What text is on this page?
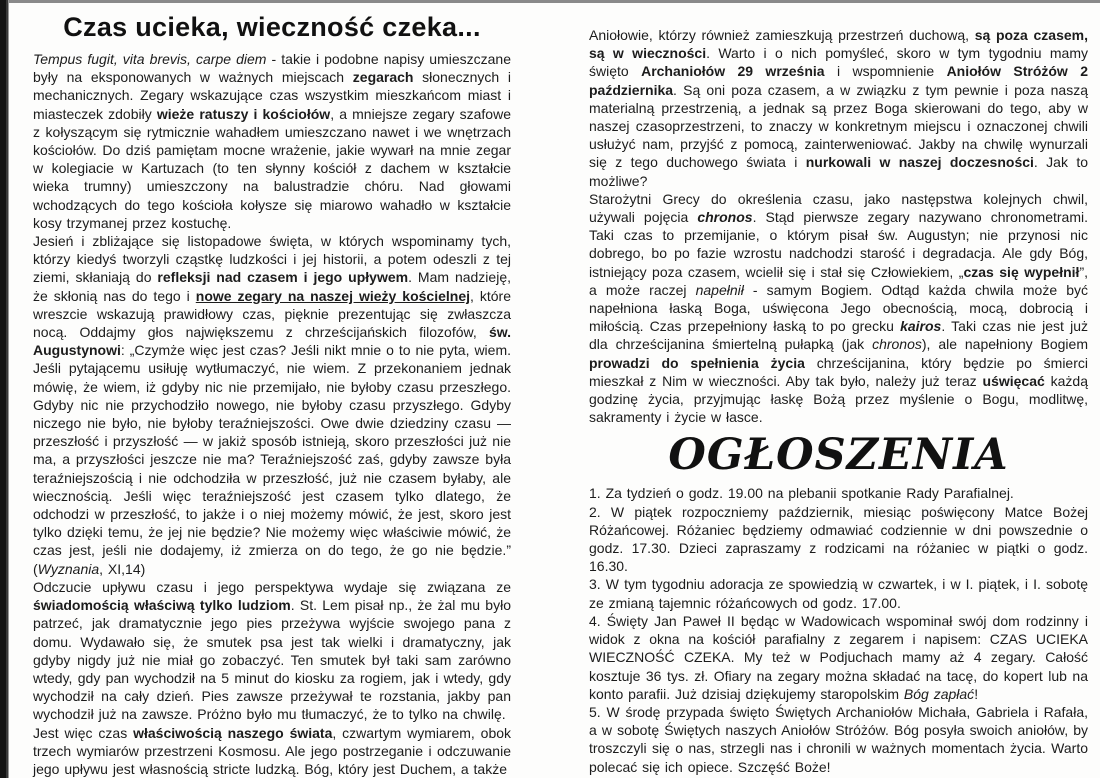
Czas ucieka, wieczność czeka...

Tempus fugit, vita brevis, carpe diem - takie i podobne napisy umieszczane były na eksponowanych w ważnych miejscach zegarach słonecznych i mechanicznych. Zegary wskazujące czas wszystkim mieszkańcom miast i miasteczek zdobiły wieże ratuszy i kościołów, a mniejsze zegary szafowe z kołyszącym się rytmicznie wahadłem umieszczano nawet i we wnętrzach kościołów. Do dziś pamiętam mocne wrażenie, jakie wywarł na mnie zegar w kolegiacie w Kartuzach (to ten słynny kościół z dachem w kształcie wieka trumny) umieszczony na balustradzie chóru. Nad głowami wchodzących do tego kościoła kołysze się miarowo wahadło w kształcie kosy trzymanej przez kostuchę.

Jesień i zbliżające się listopadowe święta, w których wspominamy tych, którzy kiedyś tworzyli cząstkę ludzkości i jej historii, a potem odeszli z tej ziemi, skłaniają do refleksji nad czasem i jego upływem. Mam nadzieję, że skłonią nas do tego i nowe zegary na naszej wieży kościelnej, które wreszcie wskazują prawidłowy czas, pięknie prezentując się zwłaszcza nocą. Oddajmy głos największemu z chrześcijańskich filozofów, św. Augustynowi: „Czymże więc jest czas? Jeśli nikt mnie o to nie pyta, wiem. Jeśli pytającemu usiłuję wytłumaczyć, nie wiem. Z przekonaniem jednak mówię, że wiem, iż gdyby nic nie przemijało, nie byłoby czasu przeszłego. Gdyby nic nie przychodziło nowego, nie byłoby czasu przyszłego. Gdyby niczego nie było, nie byłoby teraźniejszości. Owe dwie dziedziny czasu — przeszłość i przyszłość — w jakiż sposób istnieją, skoro przeszłości już nie ma, a przyszłości jeszcze nie ma? Teraźniejszość zaś, gdyby zawsze była teraźniejszością i nie odchodziła w przeszłość, już nie czasem byłaby, ale wiecznością. Jeśli więc teraźniejszość jest czasem tylko dlatego, że odchodzi w przeszłość, to jakże i o niej możemy mówić, że jest, skoro jest tylko dzięki temu, że jej nie będzie? Nie możemy więc właściwie mówić, że czas jest, jeśli nie dodajemy, iż zmierza on do tego, że go nie będzie.” (Wyznania, XI,14)

Odczucie upływu czasu i jego perspektywa wydaje się związana ze świadomością właściwą tylko ludziom. St. Lem pisał np., że żal mu było patrzeć, jak dramatycznie jego pies przeżywa wyjście swojego pana z domu. Wydawało się, że smutek psa jest tak wielki i dramatyczny, jak gdyby nigdy już nie miał go zobaczyć. Ten smutek był taki sam zarówno wtedy, gdy pan wychodził na 5 minut do kiosku za rogiem, jak i wtedy, gdy wychodził na cały dzień. Pies zawsze przeżywał te rozstania, jakby pan wychodził już na zawsze. Próżno było mu tłumaczyć, że to tylko na chwilę.

Jest więc czas właściwością naszego świata, czwartym wymiarem, obok trzech wymiarów przestrzeni Kosmosu. Ale jego postrzeganie i odczuwanie jego upływu jest własnością stricte ludzką. Bóg, który jest Duchem, a także

Aniołowie, którzy również zamieszkują przestrzeń duchową, są poza czasem, są w wieczności. Warto i o nich pomyśleć, skoro w tym tygodniu mamy święto Archaniołów 29 września i wspomnienie Aniołów Stróżów 2 października. Są oni poza czasem, a w związku z tym pewnie i poza naszą materialną przestrzenią, a jednak są przez Boga skierowani do tego, aby w naszej czasoprzestrzeni, to znaczy w konkretnym miejscu i oznaczonej chwili usłużyć nam, przyjść z pomocą, zainterweniować. Jakby na chwilę wynurzali się z tego duchowego świata i nurkowali w naszej doczesności. Jak to możliwe?

Starożytni Grecy do określenia czasu, jako następstwa kolejnych chwil, używali pojęcia chronos. Stąd pierwsze zegary nazywano chronometrami. Taki czas to przemijanie, o którym pisał św. Augustyn; nie przynosi nic dobrego, bo po fazie wzrostu nadchodzi starość i degradacja. Ale gdy Bóg, istniejący poza czasem, wcielił się i stał się Człowiekiem, „czas się wypełnił”, a może raczej napełnił - samym Bogiem. Odtąd każda chwila może być napełniona łaską Boga, uświęcona Jego obecnością, mocą, dobrocią i miłością. Czas przepełniony łaską to po grecku kairos. Taki czas nie jest już dla chrześcijanina śmiertelną pułapką (jak chronos), ale napełniony Bogiem prowadzi do spełnienia życia chrześcijanina, który będzie po śmierci mieszkał z Nim w wieczności. Aby tak było, należy już teraz uświęcać każdą godzinę życia, przyjmując łaskę Bożą przez myślenie o Bogu, modlitwę, sakramenty i życie w łasce.

OGŁOSZENIA

1. Za tydzień o godz. 19.00 na plebanii spotkanie Rady Parafialnej.

2. W piątek rozpoczniemy październik, miesiąc poświęcony Matce Bożej Różańcowej. Różaniec będziemy odmawiać codziennie w dni powszednie o godz. 17.30. Dzieci zapraszamy z rodzicami na różaniec w piątki o godz. 16.30.

3. W tym tygodniu adoracja ze spowiedzią w czwartek, i w I. piątek, i I. sobotę ze zmianą tajemnic różańcowych od godz. 17.00.

4. Święty Jan Paweł II będąc w Wadowicach wspominał swój dom rodzinny i widok z okna na kościół parafialny z zegarem i napisem: CZAS UCIEKA WIECZNOŚĆ CZEKA. My też w Podjuchach mamy aż 4 zegary. Całość kosztuje 36 tys. zł. Ofiary na zegary można składać na tacę, do kopert lub na konto parafii. Już dzisiaj dziękujemy staropolskim Bóg zapłać!

5. W środę przypada święto Świętych Archaniołów Michała, Gabriela i Rafała, a w sobotę Świętych naszych Aniołów Stróżów. Bóg posyła swoich aniołów, by troszczyli się o nas, strzegli nas i chronili w ważnych momentach życia. Warto polecać się ich opiece. Szczęść Boże!
